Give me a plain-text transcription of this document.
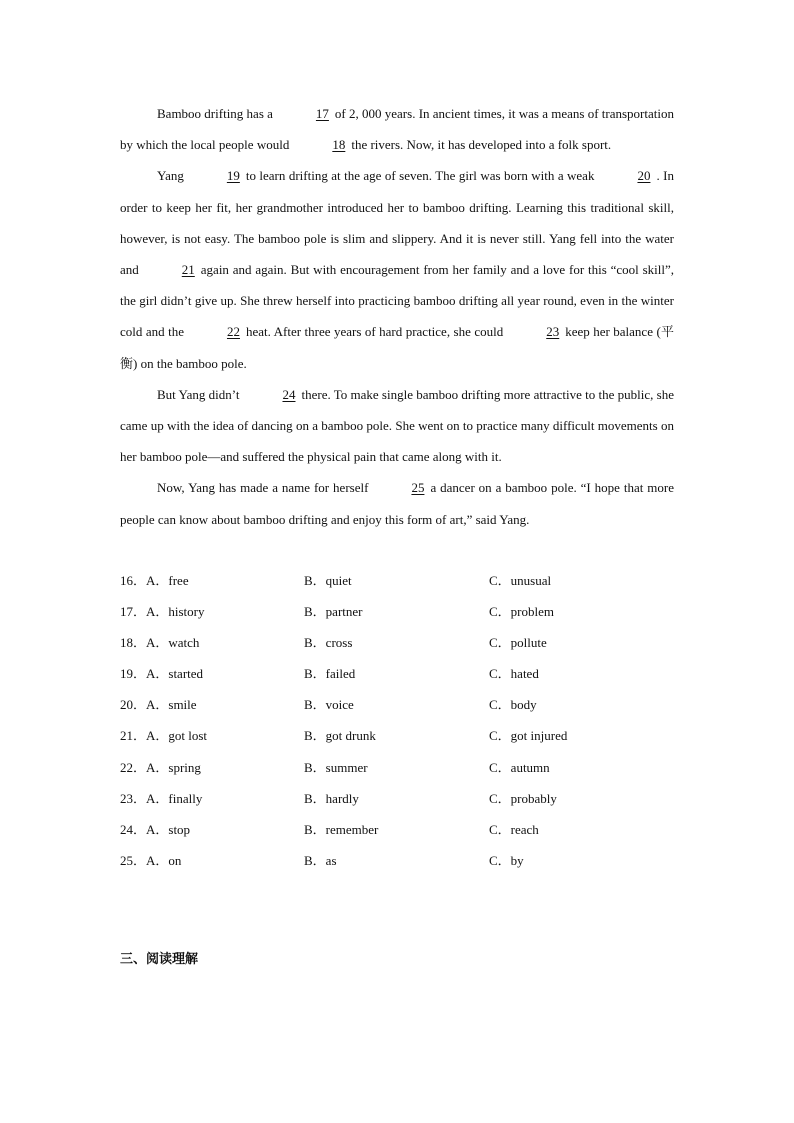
Bamboo drifting has a	17 of 2, 000 years. In ancient times, it was a means of transportation by which the local people would	18 the rivers. Now, it has developed into a folk sport.

Yang	19 to learn drifting at the age of seven. The girl was born with a weak	20 . In order to keep her fit, her grandmother introduced her to bamboo drifting. Learning this traditional skill, however, is not easy. The bamboo pole is slim and slippery. And it is never still. Yang fell into the water and	21 again and again. But with encouragement from her family and a love for this “cool skill”, the girl didn’t give up. She threw herself into practicing bamboo drifting all year round, even in the winter cold and the	22 heat. After three years of hard practice, she could	23 keep her balance (平衡) on the bamboo pole.

But Yang didn’t	24 there. To make single bamboo drifting more attractive to the public, she came up with the idea of dancing on a bamboo pole. She went on to practice many difficult movements on her bamboo pole—and suffered the physical pain that came along with it.

Now, Yang has made a name for herself	25 a dancer on a bamboo pole. “I hope that more people can know about bamboo drifting and enjoy this form of art,” said Yang.

16．A．free	B．quiet	C．unusual
17．A．history	B．partner	C．problem
18．A．watch	B．cross	C．pollute
19．A．started	B．failed	C．hated
20．A．smile	B．voice	C．body
21．A．got lost	B．got drunk	C．got injured
22．A．spring	B．summer	C．autumn
23．A．finally	B．hardly	C．probably
24．A．stop	B．remember	C．reach
25．A．on	B．as	C．by
三、阅读理解
